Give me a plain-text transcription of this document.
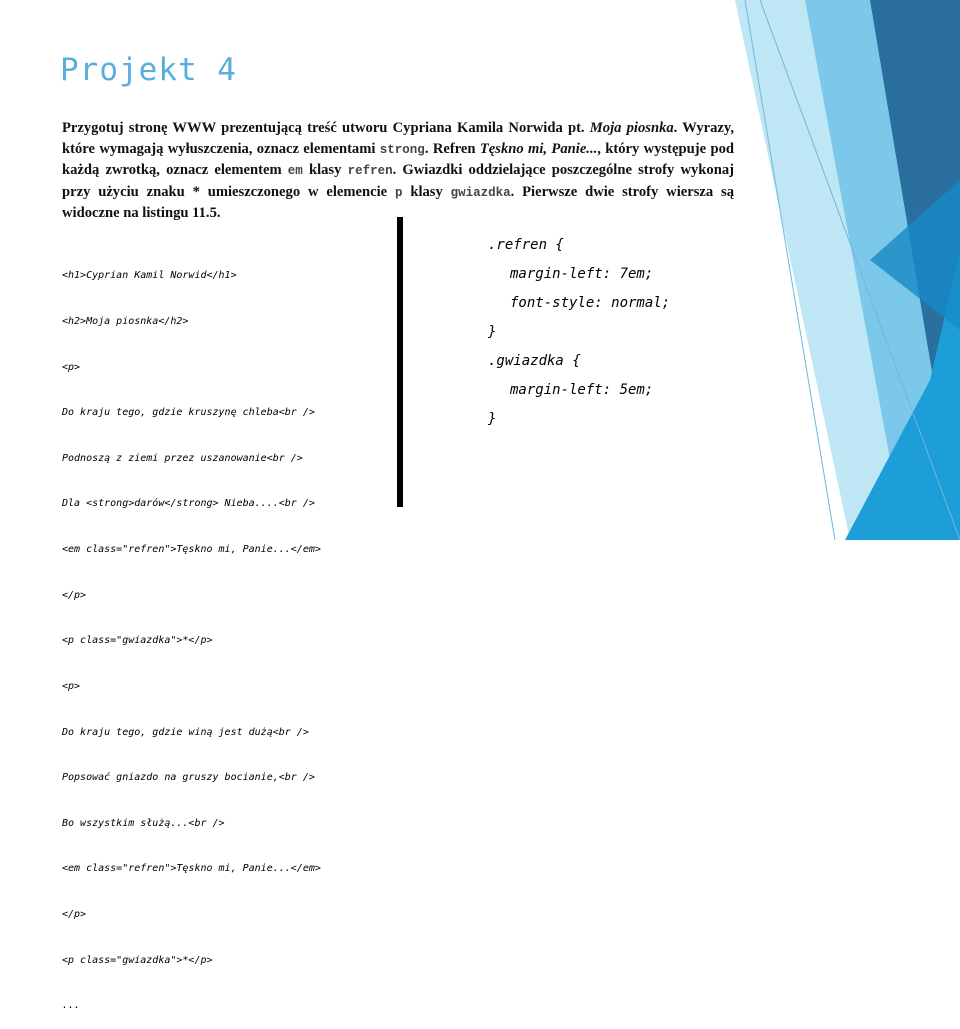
Projekt 4
Przygotuj stronę WWW prezentującą treść utworu Cypriana Kamila Norwida pt. Moja piosnka. Wyrazy, które wymagają wyłuszczenia, oznacz elementami strong. Refren Tęskno mi, Panie..., który występuje pod każdą zwrotką, oznacz elementem em klasy refren. Gwiazdki oddzielające poszczególne strofy wykonaj przy użyciu znaku * umieszczonego w elemencie p klasy gwiazdka. Pierwsze dwie strofy wiersza są widoczne na listingu 11.5.

<h1>Cyprian Kamil Norwid</h1>

<h2>Moja piosnka</h2>

<p>

Do kraju tego, gdzie kruszynę chleba<br />

Podnoszą z ziemi przez uszanowanie<br />

Dla <strong>darów</strong> Nieba....<br />

<em class="refren">Tęskno mi, Panie...</em>

</p>

<p class="gwiazdka">*</p>

<p>

Do kraju tego, gdzie winą jest dużą<br />

Popsować gniazdo na gruszy bocianie,<br />

Bo wszystkim służą...<br />

<em class="refren">Tęskno mi, Panie...</em>

</p>

<p class="gwiazdka">*</p>

...

.refren {
margin-left: 7em;
font-style: normal;
}
.gwiazdka {
margin-left: 5em;
}
